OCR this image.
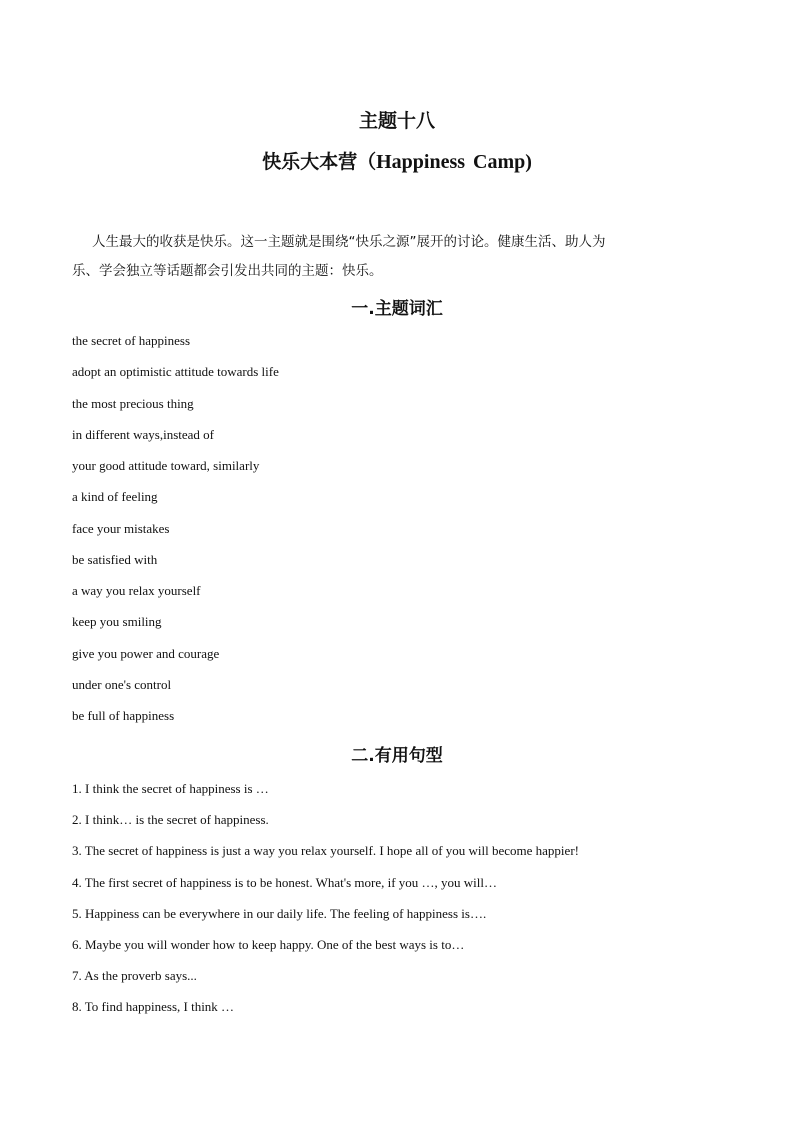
主题十八
快乐大本营（Happiness Camp)
人生最大的收获是快乐。这一主题就是围绕“快乐之源”展开的讨论。健康生活、助人为乐、学会独立等话题都会引发出共同的主题：快乐。
一.主题词汇
the secret of happiness
adopt an optimistic attitude towards life
the most precious thing
in different ways,instead of
your good attitude toward, similarly
a kind of feeling
face your mistakes
be satisfied with
a way you relax yourself
keep you smiling
give you power and courage
under one's control
be full of happiness
二.有用句型
1. I think the secret of happiness is …
2. I think… is the secret of happiness.
3. The secret of happiness is just a way you relax yourself. I hope all of you will become happier!
4. The first secret of happiness is to be honest. What's more, if you …, you will…
5. Happiness can be everywhere in our daily life. The feeling of happiness is….
6. Maybe you will wonder how to keep happy. One of the best ways is to…
7. As the proverb says...
8. To find happiness, I think …
